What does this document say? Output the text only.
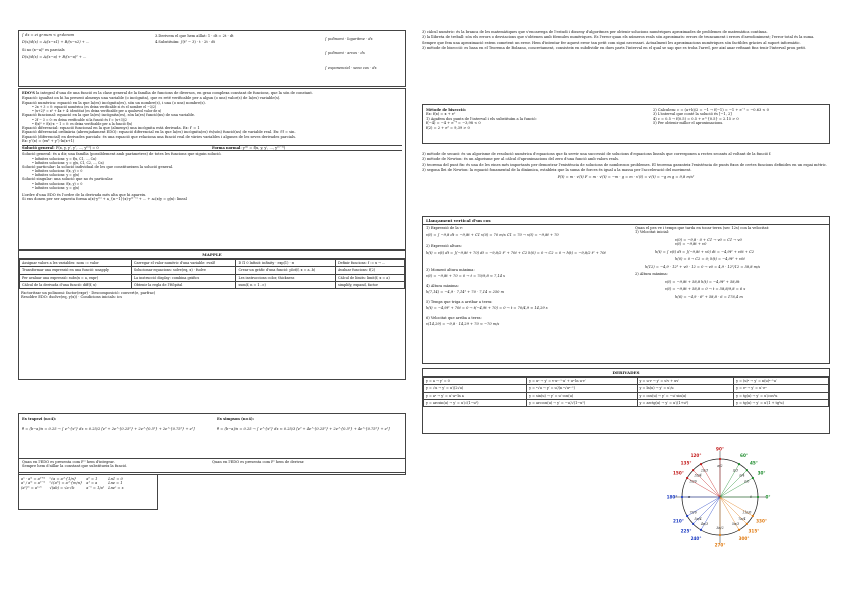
∫ dx = ei gr.num < gr.denom
D(x)/d(x) = A/(x−x1) + B/(x−x2) + ...
Si no (x−a)ⁿ es parcials
D(x)/d(x) = A/(x−a) + B/(x−a)² + ...
3.Derivem el que hem aïllat: 1 · dt = 2t · dt
4.Substituïm: ∫(t² − 3) · t · 2t · dt
∫ polinomi · logaritme · dx
∫ polinomi · arcos · dx
∫ exponencial · seno cos · dx
EDO’S la integral d’una de una funció es la clase general de la família de funcions de diversos, en grau complexa constant de funcions, que la són de constant.
Equació: igualtat on hi ha present almenys una variable (o incògnita), que es reté verificable per a algun (o uns) valor(s) de la(es) variable(s).
Equació numèrica: equació en la que la(es) incògnita(es), són un nombre(s), i una (o uns) nombre(s).
• 2x + 3 = 0: equació numèrica (es deixa verificable si és el nombre el −3/2)
• (x+2)² = x² + 4x + 4: identitat (es deixa verificable per a qualsevol valor de x)
Equació funcional: equació en la que la(es) incògnita(es), són la(es) funció(ns) de una variable.
• 2f − 3 = 0: es deixa verificable si la funció és f = (x+3)/2
• f(x)² + f(x)·x − 1 = 0: es deixa verificable per a la funció f(x)
Equació diferencial: equació funcional en la que (almenys) una incògnita està derivada. Ex: f′ = 1
Equació diferencial ordinària (abreujadament EDO): equació diferencial en la que la(es) incògnita(es) és(són) funció(ns) de variable real. Ex: f′f = sin.
Equació (diferencial) en derivades parcials: és una equació que relaciona una funció real de vàries variables i algunes de les seves derivades parcials.
Ex: y″(x) = (ex³ + y″)·ln(x+1)
Solució general: F(x, y, y′, y″, ..., y⁽ⁿ⁾) = 0	Forma normal: y⁽ⁿ⁾ = f(x, y, y′, ..., y⁽ⁿ⁻¹⁾)
Solució general: és a dir, una família (possiblement amb paràmetres) de totes les funcions que siguin solució.
• Infinites solucions: y = f(x, C1, ..., Cn)
• Infinites solucions: y = g(x, C1, C2, ..., Cn)
Solució particular: la solució individual de les que constitueixen la solució general.
• Infinites solucions: f(x, y) = 0
• Infinites solucions: y = g(x)
Solució singular: una solució que no és particular.
• Infinites solucions: f(x, y) = 0
• Infinites solucions: y = g(x)
L’ordre d’una EDO és l’ordre de la derivada més alta que hi apareix.
Si ens donen per ser aquesta forma a(x)·y⁽ⁿ⁾ + a_{n−1}(x)·y⁽ⁿ⁻¹⁾ + ... + a₀(x)y = g(x): lineal
MAPPLE
Assignar valors a les variables: nom := valor	Carregar el valor numèric d'una variable: evalf	D Π 0 Infinit: infinity · exp(1) · π	Definir funcions: f := x → ...
Transformar una expressió en una funció: unapply	Solucionar equacions: solve(eq, x) · fsolve	Crear un gràfic d'una funció: plot(f, x = a..b)	Avaluar funcions: f(2)
Per avaluar una expressió: subs(x = a, expr)	La instrucció display: combina gràfics	Les instruccions color, thickness	Càlcul de límits: limit(f, x = a)
Càlcul de la derivada d'una funció: diff(f, x)	Obtenir la regla de l'Hôpital	sum(f, n = 1..∞)	simplify, expand, factor
Factoritzar un polinomi: factor(expr) · Descomposició: convert(e, parfrac)
Resoldre EDO: dsolve(eq, y(x)) · Condicions inicials: ics
Ex trapezi (n=4):
θ = (b−a)/n = 0.25 → ∫ e^{x²} dx ≈ 0.25/2 [e⁰ + 2e^{0.25²} + 2e^{0.5²} + 2e^{0.75²} + e¹]
Ex simpson (n=4):
θ = (b−a)/n = 0.25 → ∫ e^{x²} dx ≈ 0.25/3 [e⁰ + 4e^{0.25²} + 2e^{0.5²} + 4e^{0.75²} + e¹]
Quan en l'EDO es presenta com F'' hem d'integrar.	Quan en l'EDO es presenta com F' hem de derivar.
Sempre hem d'aïllar la constant que substitueix la funció.
aⁿ · aᵐ = aⁿ⁺ᵐ
aⁿ / aᵐ = aⁿ⁻ᵐ
(aⁿ)ᵐ = aⁿ·ᵐ
ⁿ√a = a^{1/n}
ⁿ√(aᵐ) = a^{m/n}
√(ab) = √a·√b
a⁰ = 1
a¹ = a
a⁻ⁿ = 1/aⁿ
Ln1 = 0
Lne = 1
Lneˣ = x
3) càlcul numèric: és la branca de les matemàtiques que s'encarrega de l'estudi i disseny d'algoritmes per obtenir solucions numèriques aproximades de problemes de matemàtica contínua.
3) la llibreta de treball: són els errors o desviacions que s'obtenen amb fórmules numèriques. És l'error quan els números reals són aproximats: errors de truncament i errors d'arrodoniment; l'error total és la suma.
Sempre que fem una aproximació estem cometent un error. Hem d'intentar fer aquest error tan petit com sigui necessari. Actualment les aproximacions numèriques són factibles gràcies al suport informàtic.
3) mètode de bisecció: es basa en el Teorema de Bolzano, concretament, consisteix en subdividir en dues parts l'interval en el qual se sap que es troba l'arrel, per així anar refinant fins tenir l'interval prou petit.
Mètode de bisecció:
Ex: f(x) = x + eˣ
1) Agafem dos punts de l'interval i els substituïm a la funció:
f(−4) = −4 + e⁻⁴ = −3,98 < 0
f(2) = 2 + e² = 9,39 > 0
2) Calculem: c = (a+b)/2 = −1 → f(−1) = −1 + e⁻¹ = −0.63 < 0
3) L'interval que conté la solució és [−1, 2]
4) c = 0.5 → f(0.5) = 0.5 + e^{0.5} = 2.15 > 0
5) Per obtenir millor el aproximacions.
3) mètode de secant: és un algorisme de resolució numèrica d'equacions que fa servir una successió de solucions d'equacions lineals que corresponen a rectes secants al voltant de la funció f.
3) mètode de Newton: és un algorisme per al càlcul d'aproximacions del zero d'una funció amb valors reals.
3) teorema del punt fix: és una de les eines més importants per demostrar l'existència de solucions de nombrosos problemes. El teorema garanteix l'existència de punts fixos de certes funcions definides en un espai mètric.
3) segona llei de Newton: la equació fonamental de la dinàmica, estableix que la suma de forces és igual a la massa per l'acceleració del moviment.
F(t) = m · v′(t) F = m · v′(t) = −m · g = m · v′(t) = v′(t) = −g m g = 9,8 m/s²
Llançament vertical d'un cos
1) Expressió de la v:
v(t) = ∫ −9,8 dt = −9,8t + C1 v(0) = 70 m/s C1 = 70 → v(t) = −9,8t + 70
2) Expressió altura:
h(t) = v(t) dt = ∫(−9,8t + 70) dt = −9,8/2 t² + 70t + C2 h(0) = 0 → C2 = 0 → h(t) = −9,8/2 t² + 70t
3) Moment altura màxima:
v(t) = −9,8t + 70 = 0 → t = 70/9,8 ≈ 7,14 s
4) Altura màxima:
h(7,14) = −4,9 · 7,14² + 70 · 7,14 ≈ 250 m
5) Temps que triga a arribar a terra:
h(t) = −4,9t² + 70t = 0 → t(−4,9t + 70) = 0 → t = 70/4,9 ≈ 14,29 s
6) Velocitat que arriba a terra:
v(14,29) = −9,8 · 14,29 + 70 ≈ −70 m/s
Quan el pes ve i temps que tarda en tocar terra (sec 12s) con la velocitat:
1) Velocitat inicial:
v(0) = −9,8 · 0 + C1 → v0 = C1 → v0
v(t) = −9,8t + v0
h(t) = ∫ v(t) dt = ∫(−9,8t + v0) dt = −4,9t² + v0t + C2
h(0) = 0 → C2 = 0; h(t) = −4,9t² + v0t
h(12) = −4,9 · 12² + v0 · 12 = 0 → v0 = 4,9 · 12²/12 = 58,8 m/s
2) Altura màxima:
v(t) = −9,8t + 58,8 h(t) = −4,9t² + 58,8t
v(t) = −9,8t + 58,8 = 0 → t = 58,8/9,8 = 6 s
h(6) = −4,9 · 6² + 58,8 · 6 = 176,4 m
DERIVADES
y = a → y′ = 0	y = uᵛ → y′ = v·uᵛ⁻¹·u′ + uᵛ·ln u·v′	y = u·v → y′ = u′v + uv′	y = (u)ⁿ → y′ = n(u)ⁿ⁻¹u′
y = √u → y′ = u′/(2√u)	y = ⁿ√u → y′ = u′/(n ⁿ√uⁿ⁻¹)	y = ln(u) → y′ = u′/u	y = eᵘ → y′ = u′·eᵘ
y = aᵘ → y′ = u′·aᵘ·ln a	y = sin(u) → y′ = u′·cos(u)	y = cos(u) → y′ = −u′·sin(u)	y = tg(u) → y′ = u′/cos²u
y = arcsin(u) → y′ = u′/√(1−u²)	y = arccos(u) → y′ = −u′/√(1−u²)	y = arctg(u) → y′ = u′/(1+u²)	y = tg(u) → y′ = u′(1 + tg²u)
0°
0
30°
π/6
45°
π/4
60°
π/3
90°
π/2
120°
2π/3
135°
3π/4
150°
5π/6
180°	π
210°
7π/6
225°
5π/4
240°
4π/3
270°
3π/2
300°
5π/3
315°
7π/4	330°
11π/6
